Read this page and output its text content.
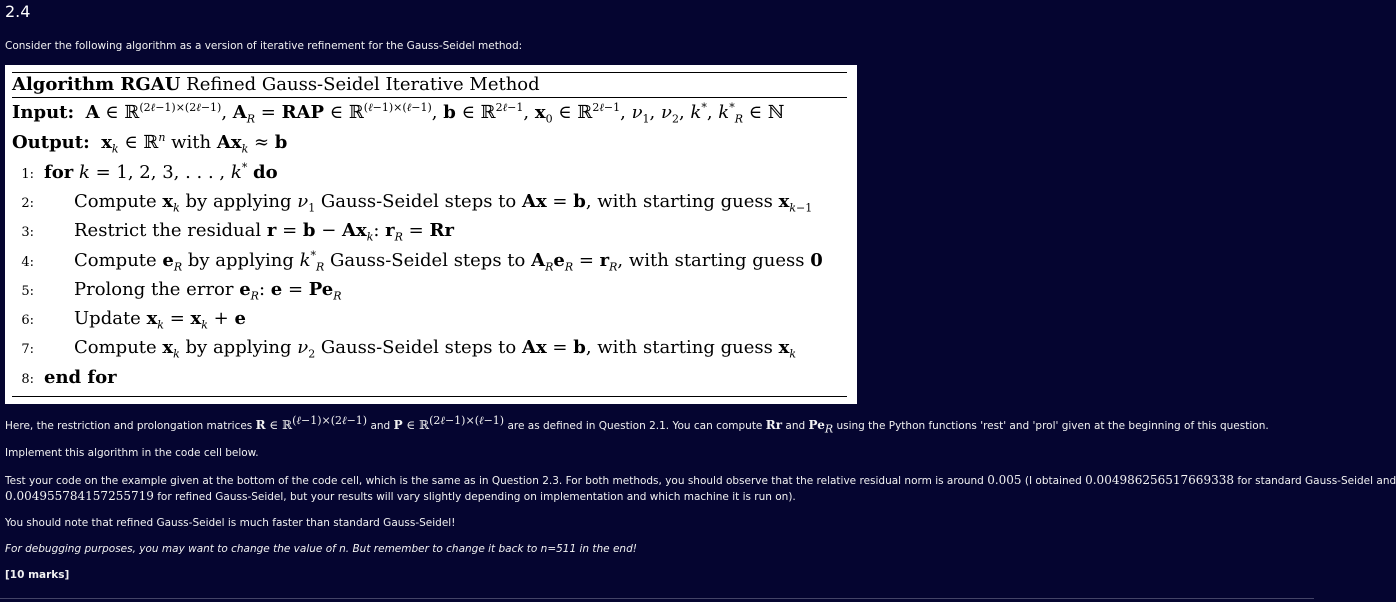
2.4
Consider the following algorithm as a version of iterative refinement for the Gauss-Seidel method:
Algorithm RGAU Refined Gauss-Seidel Iterative Method
Input: A ∈ ℝ$^{(2\ell-1)\times(2\ell-1)}$, $A_R$ = RAP ∈ ℝ$^{(\ell-1)\times(\ell-1)}$, b ∈ ℝ$^{2\ell-1}$, $x_0$ ∈ ℝ$^{2\ell-1}$, $\nu_1$, $\nu_2$, k*, $k^*_R$ ∈ ℕ
Output: $x_k$ ∈ ℝ$^n$ with $Ax_k \approx b$
1: for k = 1, 2, 3, . . . , k* do
2: Compute $x_k$ by applying $\nu_1$ Gauss-Seidel steps to Ax = b, with starting guess $x_{k-1}$
3: Restrict the residual $r = b - Ax_k$: $r_R = Rr$
4: Compute $e_R$ by applying $k^*_R$ Gauss-Seidel steps to $A_Re_R = r_R$, with starting guess 0
5: Prolong the error $e_R$: $e = Pe_R$
6: Update $x_k = x_k + e$
7: Compute $x_k$ by applying $\nu_2$ Gauss-Seidel steps to Ax = b, with starting guess $x_k$
8: end for
Here, the restriction and prolongation matrices R ∈ ℝ$^{(\ell-1)\times(2\ell-1)}$ and P ∈ ℝ$^{(2\ell-1)\times(\ell-1)}$ are as defined in Question 2.1. You can compute Rr and $Pe_R$ using the Python functions 'rest' and 'prol' given at the beginning of this question.
Implement this algorithm in the code cell below.
Test your code on the example given at the bottom of the code cell, which is the same as in Question 2.3. For both methods, you should observe that the relative residual norm is around 0.005 (I obtained 0.004986256517669338 for standard Gauss-Seidel and
0.004955784157255719 for refined Gauss-Seidel, but your results will vary slightly depending on implementation and which machine it is run on).
You should note that refined Gauss-Seidel is much faster than standard Gauss-Seidel!
For debugging purposes, you may want to change the value of n. But remember to change it back to n=511 in the end!
[10 marks]
